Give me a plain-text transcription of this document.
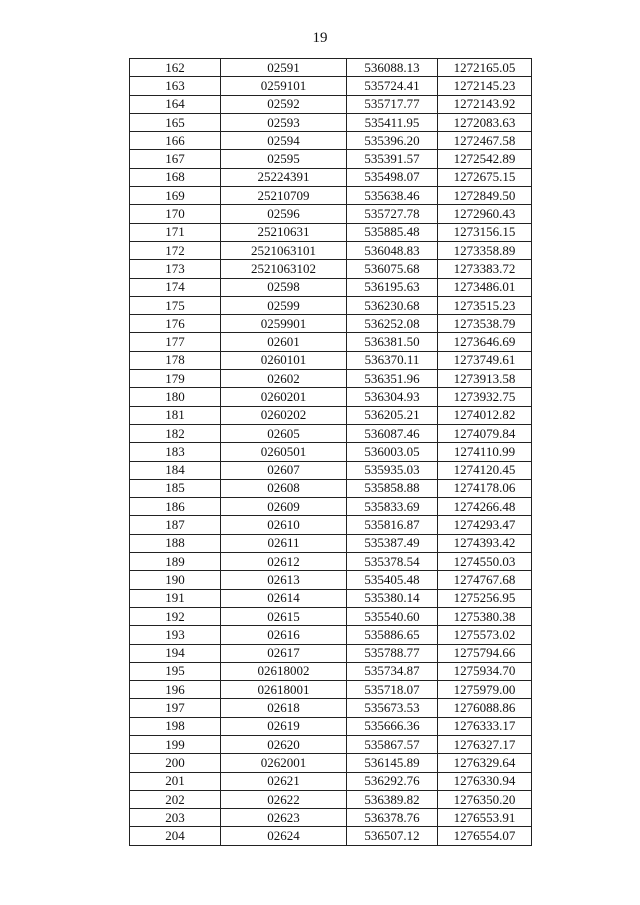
19
162	02591	536088.13	1272165.05
163	0259101	535724.41	1272145.23
164	02592	535717.77	1272143.92
165	02593	535411.95	1272083.63
166	02594	535396.20	1272467.58
167	02595	535391.57	1272542.89
168	25224391	535498.07	1272675.15
169	25210709	535638.46	1272849.50
170	02596	535727.78	1272960.43
171	25210631	535885.48	1273156.15
172	2521063101	536048.83	1273358.89
173	2521063102	536075.68	1273383.72
174	02598	536195.63	1273486.01
175	02599	536230.68	1273515.23
176	0259901	536252.08	1273538.79
177	02601	536381.50	1273646.69
178	0260101	536370.11	1273749.61
179	02602	536351.96	1273913.58
180	0260201	536304.93	1273932.75
181	0260202	536205.21	1274012.82
182	02605	536087.46	1274079.84
183	0260501	536003.05	1274110.99
184	02607	535935.03	1274120.45
185	02608	535858.88	1274178.06
186	02609	535833.69	1274266.48
187	02610	535816.87	1274293.47
188	02611	535387.49	1274393.42
189	02612	535378.54	1274550.03
190	02613	535405.48	1274767.68
191	02614	535380.14	1275256.95
192	02615	535540.60	1275380.38
193	02616	535886.65	1275573.02
194	02617	535788.77	1275794.66
195	02618002	535734.87	1275934.70
196	02618001	535718.07	1275979.00
197	02618	535673.53	1276088.86
198	02619	535666.36	1276333.17
199	02620	535867.57	1276327.17
200	0262001	536145.89	1276329.64
201	02621	536292.76	1276330.94
202	02622	536389.82	1276350.20
203	02623	536378.76	1276553.91
204	02624	536507.12	1276554.07
